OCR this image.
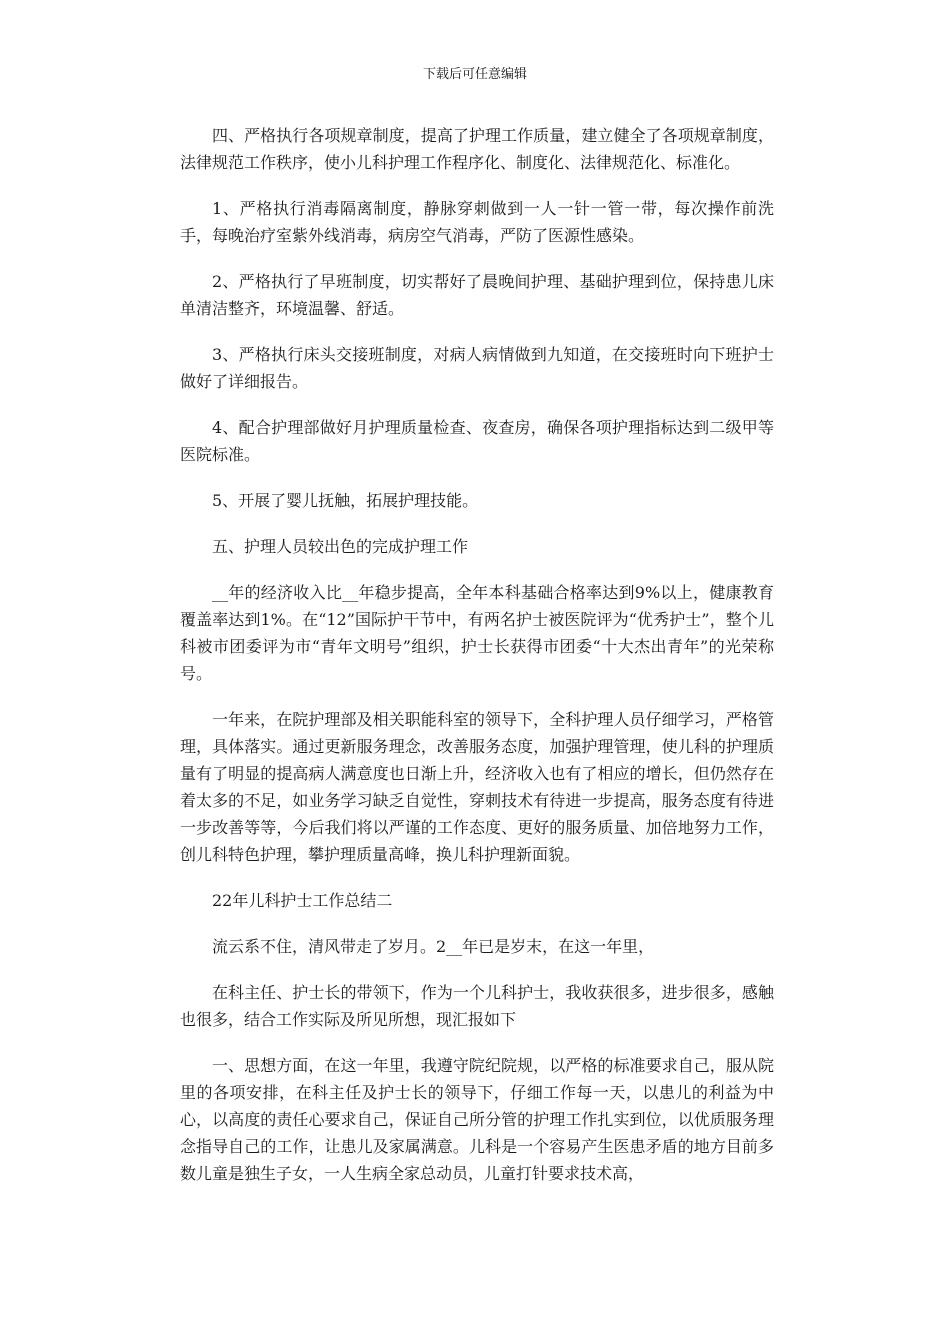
下载后可任意编辑

四、严格执行各项规章制度，提高了护理工作质量，建立健全了各项规章制度，法律规范工作秩序，使小儿科护理工作程序化、制度化、法律规范化、标准化。

1、严格执行消毒隔离制度，静脉穿刺做到一人一针一管一带，每次操作前洗手，每晚治疗室紫外线消毒，病房空气消毒，严防了医源性感染。

2、严格执行了早班制度，切实帮好了晨晚间护理、基础护理到位，保持患儿床单清洁整齐，环境温馨、舒适。

3、严格执行床头交接班制度，对病人病情做到九知道，在交接班时向下班护士做好了详细报告。

4、配合护理部做好月护理质量检查、夜查房，确保各项护理指标达到二级甲等医院标准。

5、开展了婴儿抚触，拓展护理技能。

五、护理人员较出色的完成护理工作

__年的经济收入比__年稳步提高，全年本科基础合格率达到9%以上，健康教育覆盖率达到1%。在“12”国际护干节中，有两名护士被医院评为“优秀护士”，整个儿科被市团委评为市“青年文明号”组织，护士长获得市团委“十大杰出青年”的光荣称号。

一年来，在院护理部及相关职能科室的领导下，全科护理人员仔细学习，严格管理，具体落实。通过更新服务理念，改善服务态度，加强护理管理，使儿科的护理质量有了明显的提高病人满意度也日渐上升，经济收入也有了相应的增长，但仍然存在着太多的不足，如业务学习缺乏自觉性，穿刺技术有待进一步提高，服务态度有待进一步改善等等，今后我们将以严谨的工作态度、更好的服务质量、加倍地努力工作，创儿科特色护理，攀护理质量高峰，换儿科护理新面貌。

22年儿科护士工作总结二

流云系不住，清风带走了岁月。2__年已是岁末，在这一年里，

在科主任、护士长的带领下，作为一个儿科护士，我收获很多，进步很多，感触也很多，结合工作实际及所见所想，现汇报如下

一、思想方面，在这一年里，我遵守院纪院规，以严格的标准要求自己，服从院里的各项安排，在科主任及护士长的领导下，仔细工作每一天，以患儿的利益为中心，以高度的责任心要求自己，保证自己所分管的护理工作扎实到位，以优质服务理念指导自己的工作，让患儿及家属满意。儿科是一个容易产生医患矛盾的地方目前多数儿童是独生子女，一人生病全家总动员，儿童打针要求技术高，
